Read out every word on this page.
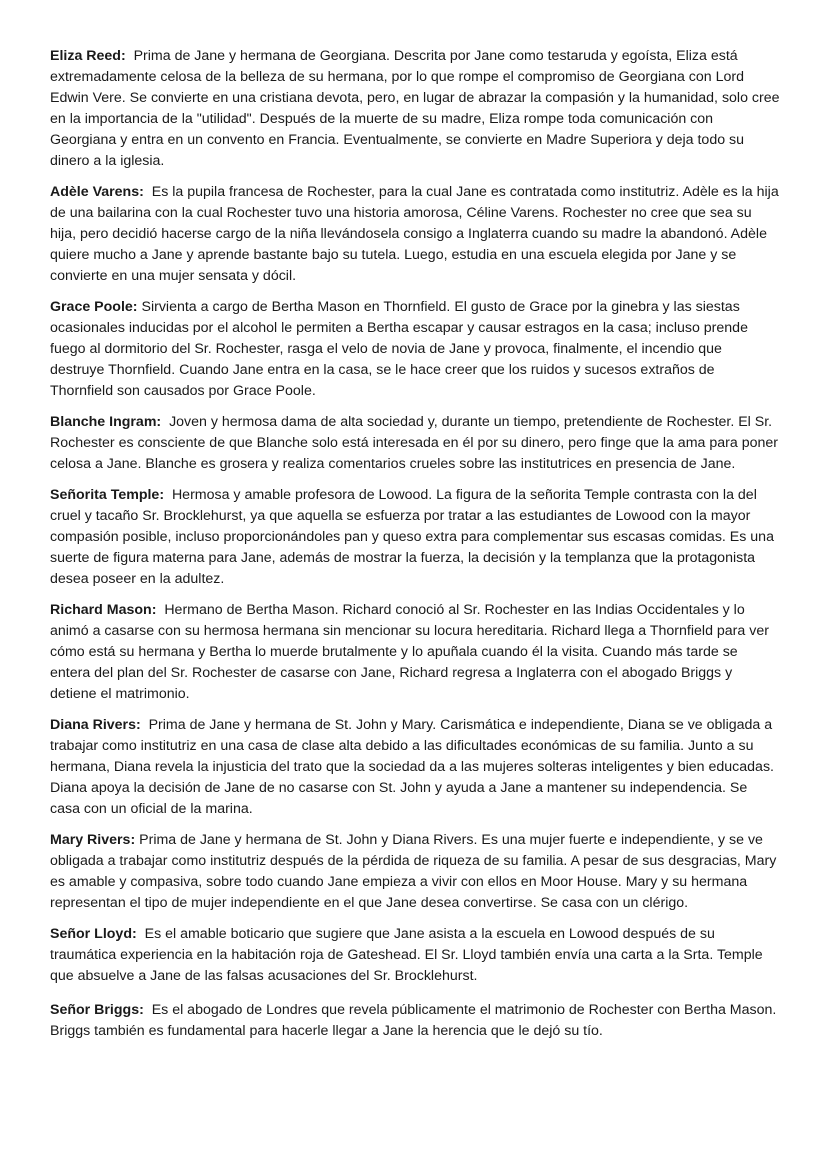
Eliza Reed: Prima de Jane y hermana de Georgiana. Descrita por Jane como testaruda y egoísta, Eliza está extremadamente celosa de la belleza de su hermana, por lo que rompe el compromiso de Georgiana con Lord Edwin Vere. Se convierte en una cristiana devota, pero, en lugar de abrazar la compasión y la humanidad, solo cree en la importancia de la "utilidad". Después de la muerte de su madre, Eliza rompe toda comunicación con Georgiana y entra en un convento en Francia. Eventualmente, se convierte en Madre Superiora y deja todo su dinero a la iglesia.

Adèle Varens: Es la pupila francesa de Rochester, para la cual Jane es contratada como institutriz. Adèle es la hija de una bailarina con la cual Rochester tuvo una historia amorosa, Céline Varens. Rochester no cree que sea su hija, pero decidió hacerse cargo de la niña llevándosela consigo a Inglaterra cuando su madre la abandonó. Adèle quiere mucho a Jane y aprende bastante bajo su tutela. Luego, estudia en una escuela elegida por Jane y se convierte en una mujer sensata y dócil.

Grace Poole: Sirvienta a cargo de Bertha Mason en Thornfield. El gusto de Grace por la ginebra y las siestas ocasionales inducidas por el alcohol le permiten a Bertha escapar y causar estragos en la casa; incluso prende fuego al dormitorio del Sr. Rochester, rasga el velo de novia de Jane y provoca, finalmente, el incendio que destruye Thornfield. Cuando Jane entra en la casa, se le hace creer que los ruidos y sucesos extraños de Thornfield son causados por Grace Poole.

Blanche Ingram: Joven y hermosa dama de alta sociedad y, durante un tiempo, pretendiente de Rochester. El Sr. Rochester es consciente de que Blanche solo está interesada en él por su dinero, pero finge que la ama para poner celosa a Jane. Blanche es grosera y realiza comentarios crueles sobre las institutrices en presencia de Jane.

Señorita Temple: Hermosa y amable profesora de Lowood. La figura de la señorita Temple contrasta con la del cruel y tacaño Sr. Brocklehurst, ya que aquella se esfuerza por tratar a las estudiantes de Lowood con la mayor compasión posible, incluso proporcionándoles pan y queso extra para complementar sus escasas comidas. Es una suerte de figura materna para Jane, además de mostrar la fuerza, la decisión y la templanza que la protagonista desea poseer en la adultez.

Richard Mason: Hermano de Bertha Mason. Richard conoció al Sr. Rochester en las Indias Occidentales y lo animó a casarse con su hermosa hermana sin mencionar su locura hereditaria. Richard llega a Thornfield para ver cómo está su hermana y Bertha lo muerde brutalmente y lo apuñala cuando él la visita. Cuando más tarde se entera del plan del Sr. Rochester de casarse con Jane, Richard regresa a Inglaterra con el abogado Briggs y detiene el matrimonio.

Diana Rivers: Prima de Jane y hermana de St. John y Mary. Carismática e independiente, Diana se ve obligada a trabajar como institutriz en una casa de clase alta debido a las dificultades económicas de su familia. Junto a su hermana, Diana revela la injusticia del trato que la sociedad da a las mujeres solteras inteligentes y bien educadas. Diana apoya la decisión de Jane de no casarse con St. John y ayuda a Jane a mantener su independencia. Se casa con un oficial de la marina.

Mary Rivers: Prima de Jane y hermana de St. John y Diana Rivers. Es una mujer fuerte e independiente, y se ve obligada a trabajar como institutriz después de la pérdida de riqueza de su familia. A pesar de sus desgracias, Mary es amable y compasiva, sobre todo cuando Jane empieza a vivir con ellos en Moor House. Mary y su hermana representan el tipo de mujer independiente en el que Jane desea convertirse. Se casa con un clérigo.

Señor Lloyd: Es el amable boticario que sugiere que Jane asista a la escuela en Lowood después de su traumática experiencia en la habitación roja de Gateshead. El Sr. Lloyd también envía una carta a la Srta. Temple que absuelve a Jane de las falsas acusaciones del Sr. Brocklehurst.

Señor Briggs: Es el abogado de Londres que revela públicamente el matrimonio de Rochester con Bertha Mason. Briggs también es fundamental para hacerle llegar a Jane la herencia que le dejó su tío.
